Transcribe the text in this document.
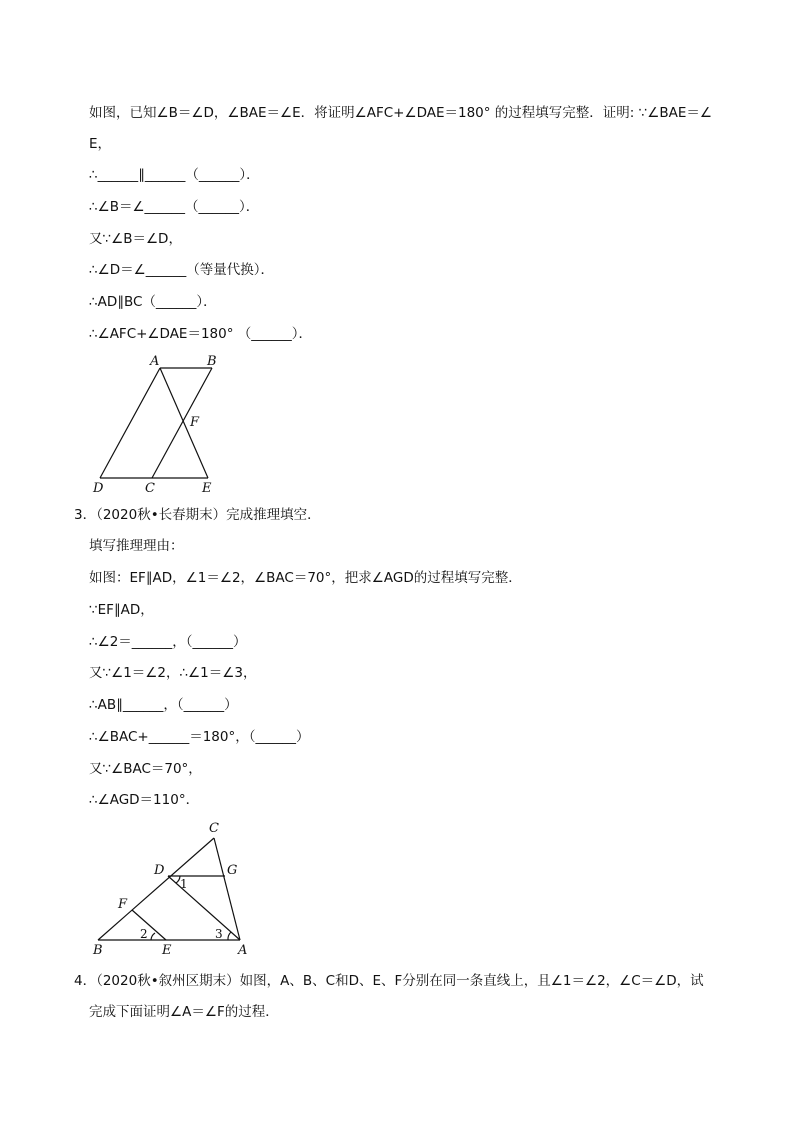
如图，已知∠B＝∠D，∠BAE＝∠E．将证明∠AFC+∠DAE＝180° 的过程填写完整．证明: ∵∠BAE＝∠
E，
∴______∥______（______）．
∴∠B＝∠______（______）．
又∵∠B＝∠D，
∴∠D＝∠______（等量代换）．
∴AD∥BC（______）．
∴∠AFC+∠DAE＝180° （______）．
A	B
F
D	C	E
3．（2020秋•长春期末）完成推理填空．
填写推理理由：
如图：EF∥AD，∠1＝∠2，∠BAC＝70°，把求∠AGD的过程填写完整．
∵EF∥AD，
∴∠2＝______，（______）
又∵∠1＝∠2，∴∠1＝∠3，
∴AB∥______，（______）
∴∠BAC+______＝180°，（______）
又∵∠BAC＝70°，
∴∠AGD＝110°．
C
D	G
1
F
2	3
B	E	A
4．（2020秋•叙州区期末）如图，A、B、C和D、E、F分别在同一条直线上，且∠1＝∠2，∠C＝∠D，试
完成下面证明∠A＝∠F的过程．
